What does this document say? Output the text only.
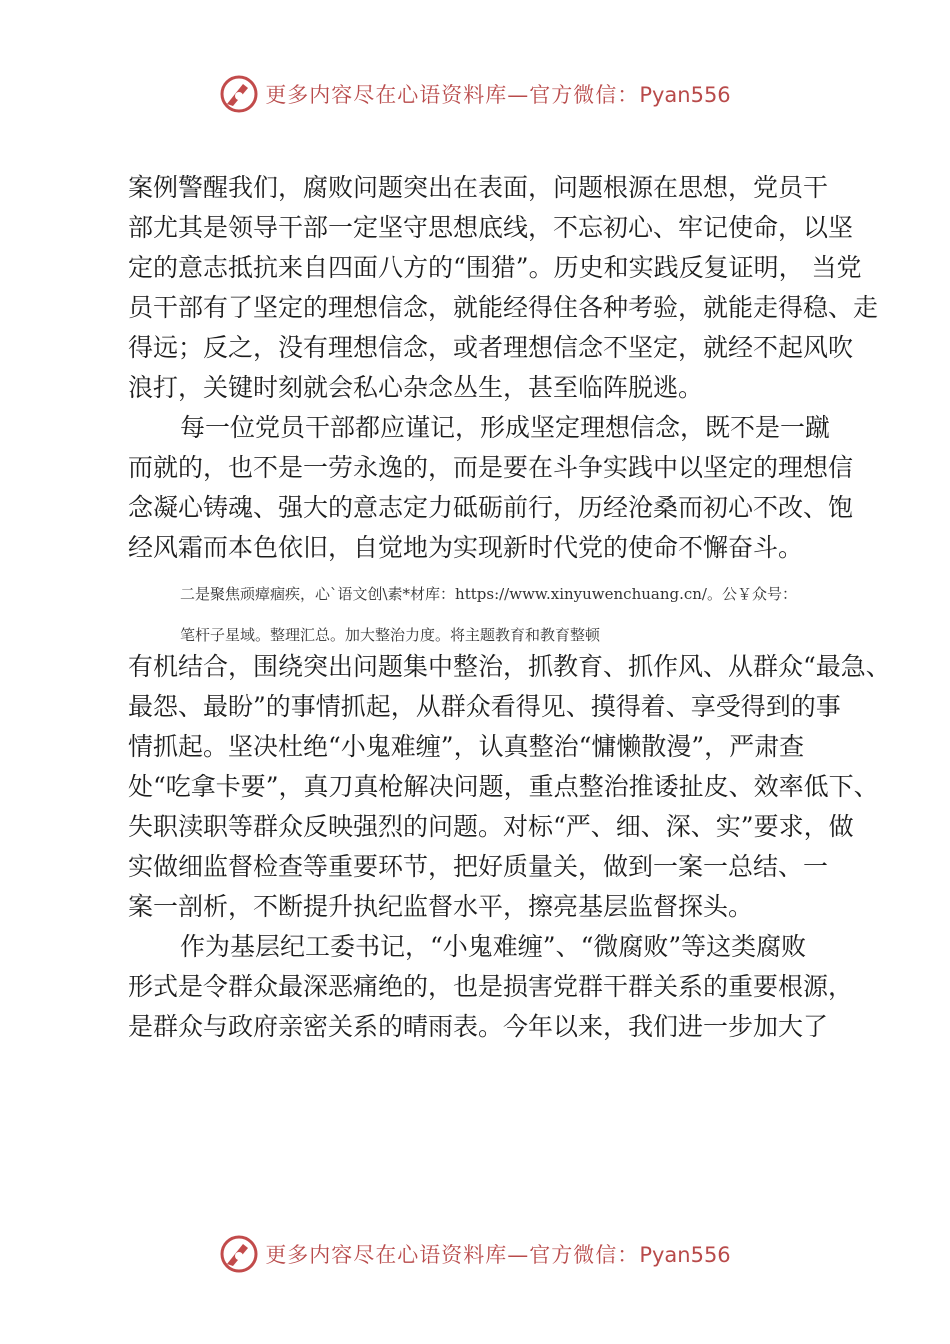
更多内容尽在心语资料库—官方微信：Pyan556

案例警醒我们，腐败问题突出在表面，问题根源在思想，党员干

部尤其是领导干部一定坚守思想底线，不忘初心、牢记使命，以坚

定的意志抵抗来自四面八方的“围猎”。历史和实践反复证明， 当党

员干部有了坚定的理想信念，就能经得住各种考验，就能走得稳、走

得远；反之，没有理想信念，或者理想信念不坚定，就经不起风吹

浪打，关键时刻就会私心杂念丛生，甚至临阵脱逃。

每一位党员干部都应谨记，形成坚定理想信念，既不是一蹴

而就的，也不是一劳永逸的，而是要在斗争实践中以坚定的理想信

念凝心铸魂、强大的意志定力砥砺前行，历经沧桑而初心不改、饱

经风霜而本色依旧，自觉地为实现新时代党的使命不懈奋斗。

二是聚焦顽瘴痼疾，心`语文创\素*材库：https://www.xinyuwenchuang.cn/。公￥众号：

笔杆子星域。整理汇总。加大整治力度。将主题教育和教育整顿

有机结合，围绕突出问题集中整治，抓教育、抓作风、从群众“最急、

最怨、最盼”的事情抓起，从群众看得见、摸得着、享受得到的事

情抓起。坚决杜绝“小鬼难缠”，认真整治“慵懒散漫”，严肃查

处“吃拿卡要”，真刀真枪解决问题，重点整治推诿扯皮、效率低下、

失职渎职等群众反映强烈的问题。对标“严、细、深、实”要求，做

实做细监督检查等重要环节，把好质量关，做到一案一总结、一

案一剖析，不断提升执纪监督水平，擦亮基层监督探头。

作为基层纪工委书记，“小鬼难缠”、“微腐败”等这类腐败

形式是令群众最深恶痛绝的，也是损害党群干群关系的重要根源，

是群众与政府亲密关系的晴雨表。今年以来，我们进一步加大了

更多内容尽在心语资料库—官方微信：Pyan556
